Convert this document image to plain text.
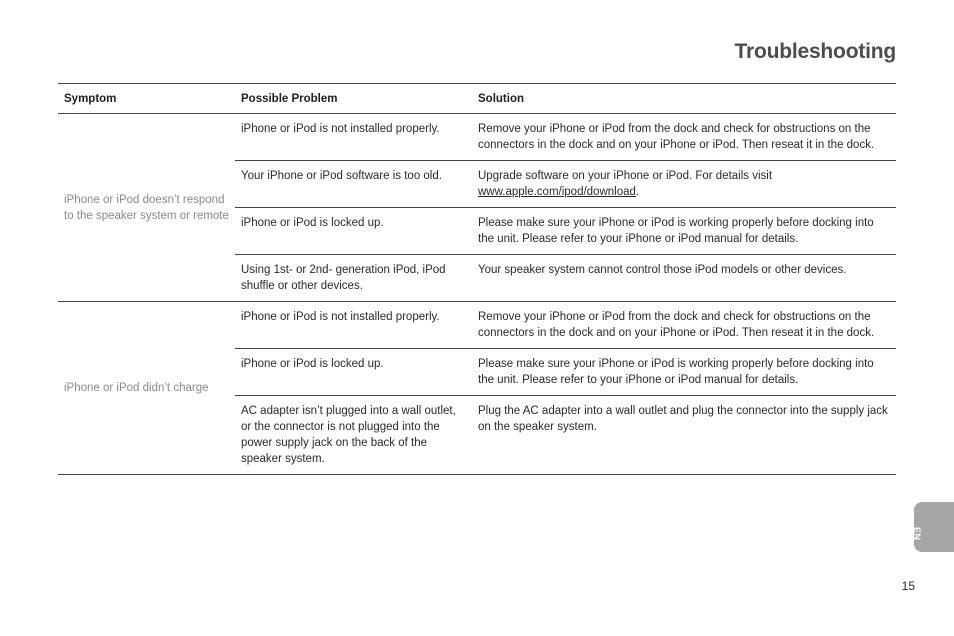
Troubleshooting
Symptom	Possible Problem	Solution
iPhone or iPod doesn’t respond to the speaker system or remote	iPhone or iPod is not installed properly.	Remove your iPhone or iPod from the dock and check for obstructions on the connectors in the dock and on your iPhone or iPod. Then reseat it in the dock.
	Your iPhone or iPod software is too old.	Upgrade software on your iPhone or iPod. For details visit
www.apple.com/ipod/download.
	iPhone or iPod is locked up.	Please make sure your iPhone or iPod is working properly before docking into the unit. Please refer to your iPhone or iPod manual for details.
	Using 1st- or 2nd- generation iPod, iPod shuffle or other devices.	Your speaker system cannot control those iPod models or other devices.
iPhone or iPod didn’t charge	iPhone or iPod is not installed properly.	Remove your iPhone or iPod from the dock and check for obstructions on the connectors in the dock and on your iPhone or iPod. Then reseat it in the dock.
	iPhone or iPod is locked up.	Please make sure your iPhone or iPod is working properly before docking into the unit. Please refer to your iPhone or iPod manual for details.
	AC adapter isn’t plugged into a wall outlet, or the connector is not plugged into the power supply jack on the back of the speaker system.	Plug the AC adapter into a wall outlet and plug the connector into the supply jack on the speaker system.
EN
15
